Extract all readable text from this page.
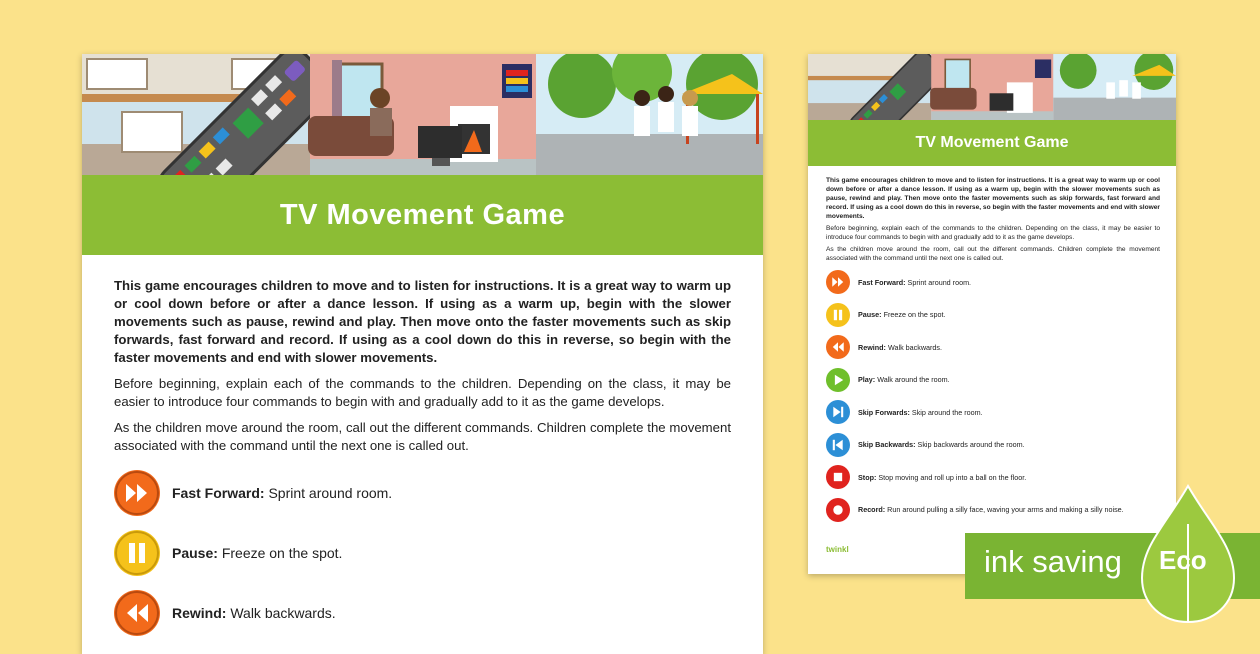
TV Movement Game

This game encourages children to move and to listen for instructions. It is a great way to warm up or cool down before or after a dance lesson. If using as a warm up, begin with the slower movements such as pause, rewind and play. Then move onto the faster movements such as skip forwards, fast forward and record. If using as a cool down do this in reverse, so begin with the faster movements and end with slower movements.

Before beginning, explain each of the commands to the children. Depending on the class, it may be easier to introduce four commands to begin with and gradually add to it as the game develops.

As the children move around the room, call out the different commands. Children complete the movement associated with the command until the next one is called out.

Fast Forward: Sprint around room.
Pause: Freeze on the spot.
Rewind: Walk backwards.
TV Movement Game

This game encourages children to move and to listen for instructions. It is a great way to warm up or cool down before or after a dance lesson. If using as a warm up, begin with the slower movements such as pause, rewind and play. Then move onto the faster movements such as skip forwards, fast forward and record. If using as a cool down do this in reverse, so begin with the faster movements and end with slower movements.

Before beginning, explain each of the commands to the children. Depending on the class, it may be easier to introduce four commands to begin with and gradually add to it as the game develops.

As the children move around the room, call out the different commands. Children complete the movement associated with the command until the next one is called out.

Fast Forward: Sprint around room.
Pause: Freeze on the spot.
Rewind: Walk backwards.
Play: Walk around the room.
Skip Forwards: Skip around the room.
Skip Backwards: Skip backwards around the room.
Stop: Stop moving and roll up into a ball on the floor.
Record: Run around pulling a silly face, waving your arms and making a silly noise.
twinkl	ink saving Eco
